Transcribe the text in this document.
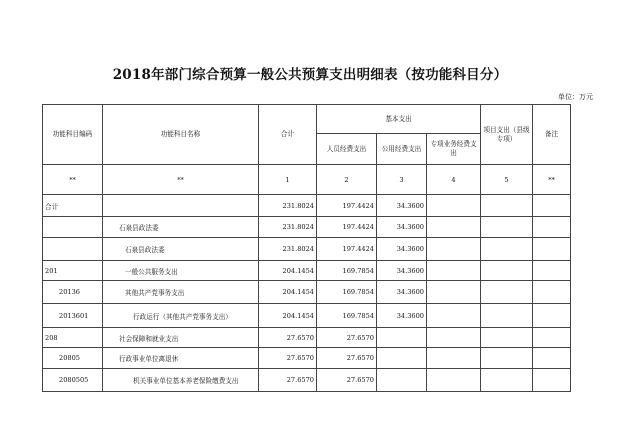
2018年部门综合预算一般公共预算支出明细表（按功能科目分）
单位：万元
功能科目编码	功能科目名称	合计	基本支出			项目支出（县级专项）	备注
			人员经费支出	公用经费支出	专项业务经费支出		
**	**	1	2	3	4	5	**
合计		231.8024	197.4424	34.3600			
	石泉县政法委	231.8024	197.4424	34.3600			
	石泉县政法委	231.8024	197.4424	34.3600			
201	一般公共服务支出	204.1454	169.7854	34.3600			
20136	其他共产党事务支出	204.1454	169.7854	34.3600			
2013601	行政运行（其他共产党事务支出）	204.1454	169.7854	34.3600			
208	社会保障和就业支出	27.6570	27.6570				
20805	行政事业单位离退休	27.6570	27.6570				
2080505	机关事业单位基本养老保险缴费支出	27.6570	27.6570				
